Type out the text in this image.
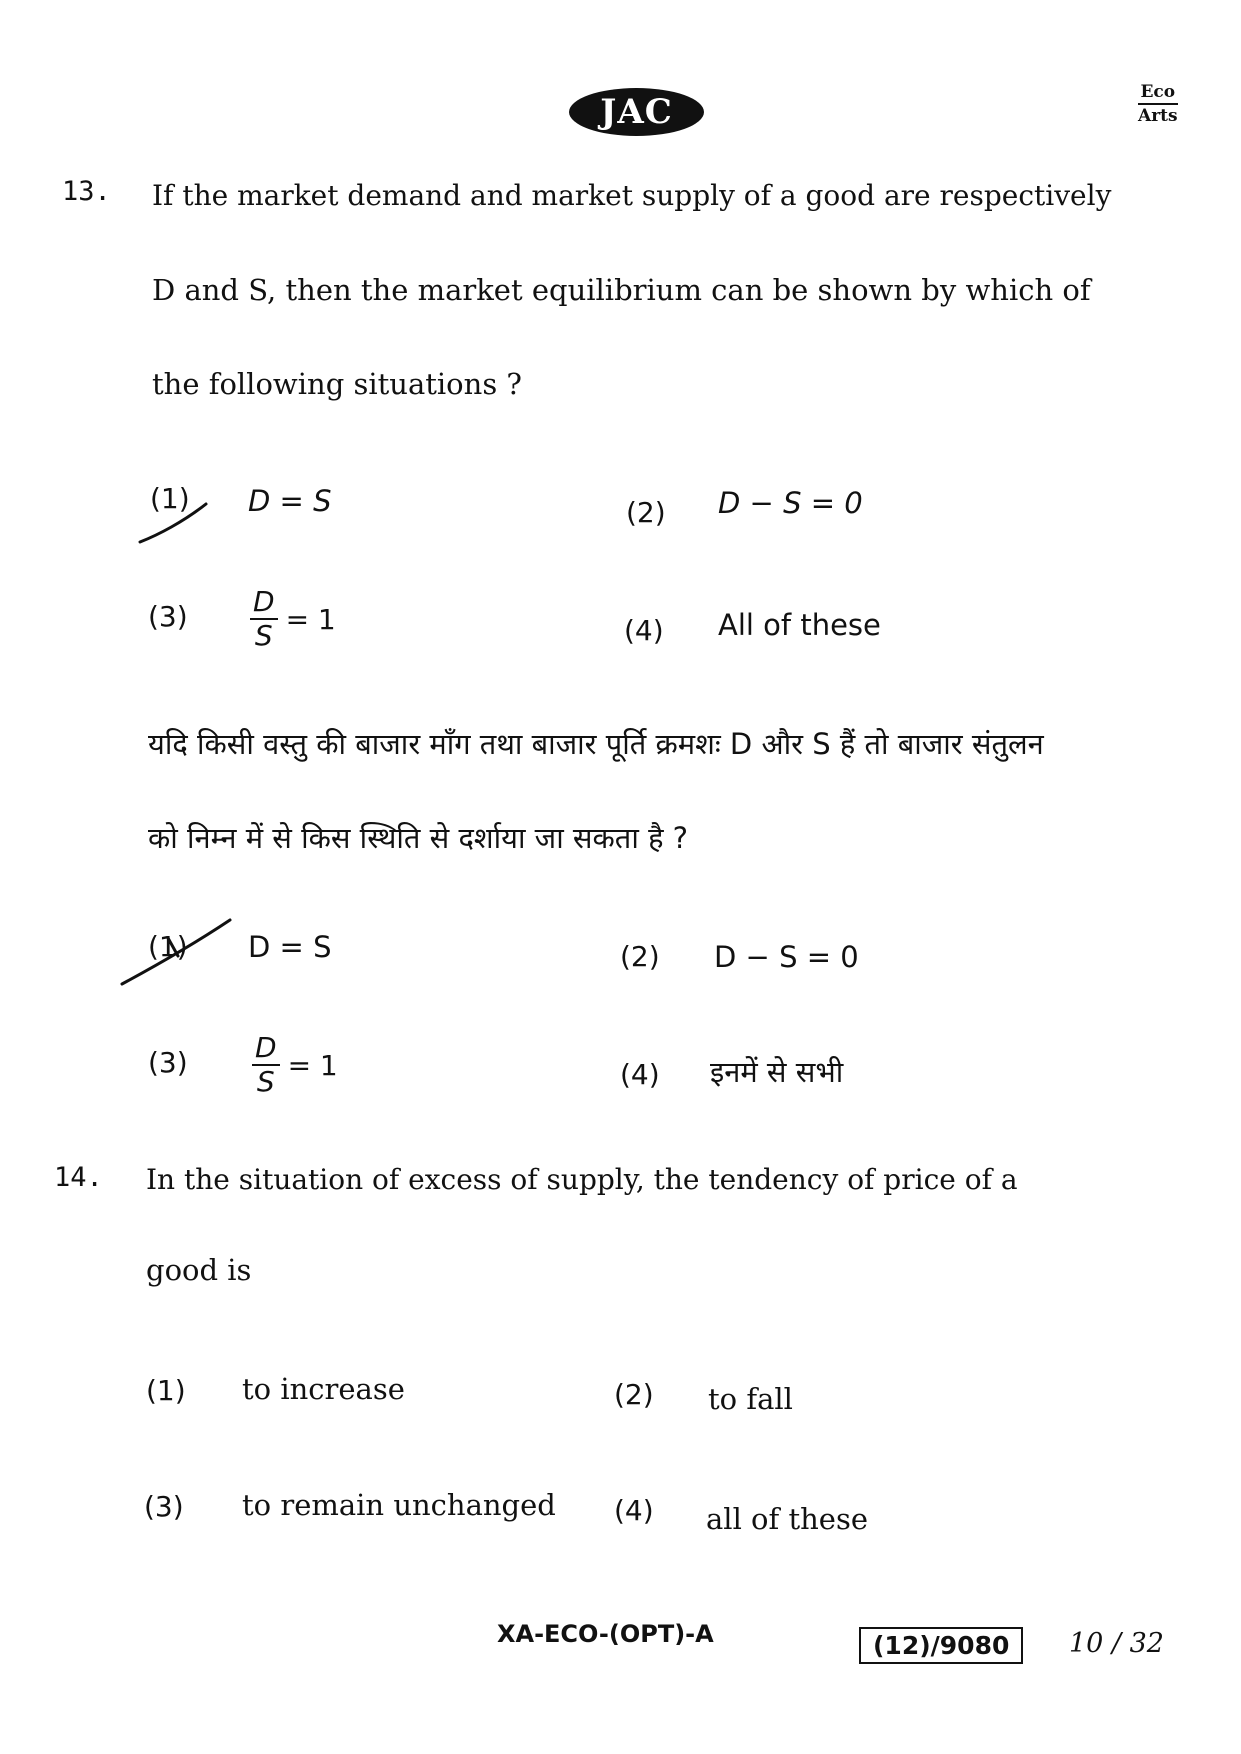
JAC	Eco
Arts
13. If the market demand and market supply of a good are respectively
D and S, then the market equilibrium can be shown by which of
the following situations ?
(1) D = S	(2) D − S = 0
$(3) \frac{D}{S} = 1$	(4) All of these
यदि किसी वस्तु की बाजार माँग तथा बाजार पूर्ति क्रमशः D और S हैं तो बाजार संतुलन
को निम्न में से किस स्थिति से दर्शाया जा सकता है ?
(1) D = S	(2) D − S = 0
$(3) \frac{D}{S} = 1$	(4) इनमें से सभी
14. In the situation of excess of supply, the tendency of price of a
good is
(1) to increase	(2) to fall
(3) to remain unchanged (4) all of these
XA-ECO-(OPT)-A	(12)/9080	10 / 32
